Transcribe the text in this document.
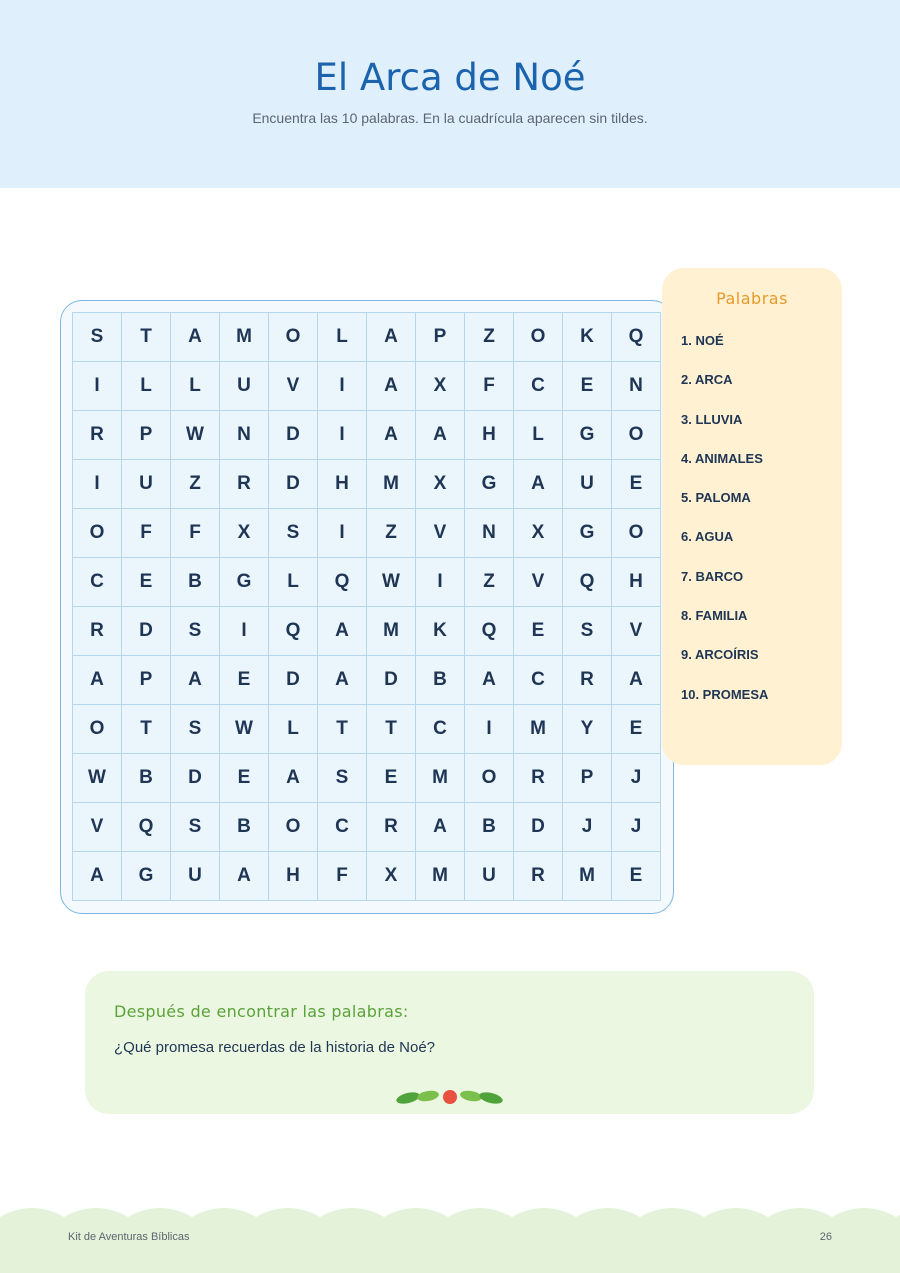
El Arca de Noé
Encuentra las 10 palabras. En la cuadrícula aparecen sin tildes.
S	T	A	M	O	L	A	P	Z	O	K	Q
I	L	L	U	V	I	A	X	F	C	E	N
R	P	W	N	D	I	A	A	H	L	G	O
I	U	Z	R	D	H	M	X	G	A	U	E
O	F	F	X	S	I	Z	V	N	X	G	O
C	E	B	G	L	Q	W	I	Z	V	Q	H
R	D	S	I	Q	A	M	K	Q	E	S	V
A	P	A	E	D	A	D	B	A	C	R	A
O	T	S	W	L	T	T	C	I	M	Y	E
W	B	D	E	A	S	E	M	O	R	P	J
V	Q	S	B	O	C	R	A	B	D	J	J
A	G	U	A	H	F	X	M	U	R	M	E
Palabras
1. NOÉ
2. ARCA
3. LLUVIA
4. ANIMALES
5. PALOMA
6. AGUA
7. BARCO
8. FAMILIA
9. ARCOÍRIS
10. PROMESA
Después de encontrar las palabras:
¿Qué promesa recuerdas de la historia de Noé?
Kit de Aventuras Bíblicas	26
